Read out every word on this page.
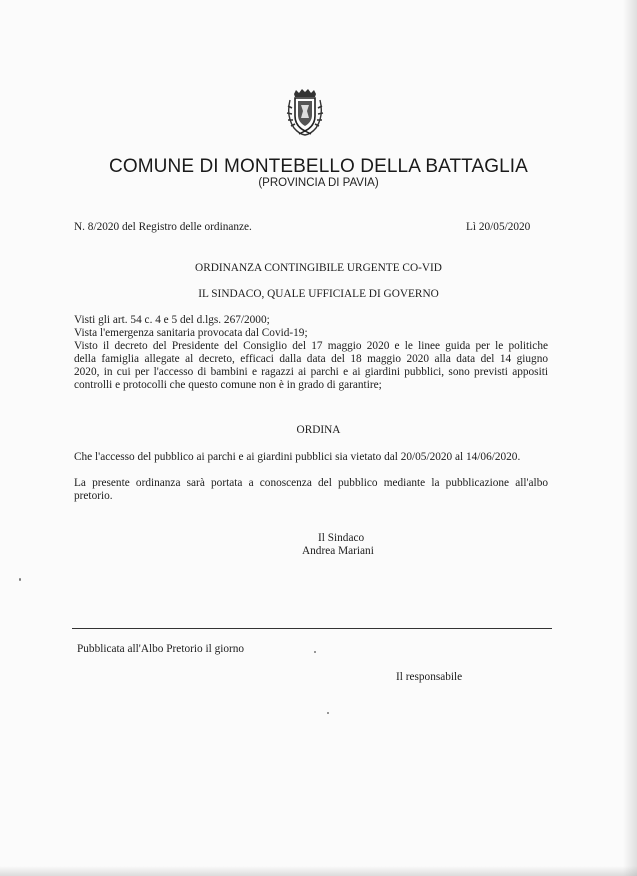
COMUNE DI MONTEBELLO DELLA BATTAGLIA
(PROVINCIA DI PAVIA)
N. 8/2020 del Registro delle ordinanze.	Lì 20/05/2020
ORDINANZA CONTINGIBILE URGENTE CO-VID
IL SINDACO, QUALE UFFICIALE DI GOVERNO
Visti gli art. 54 c. 4 e 5 del d.lgs. 267/2000;
Vista l'emergenza sanitaria provocata dal Covid-19;
Visto il decreto del Presidente del Consiglio del 17 maggio 2020 e le linee guida per le politiche
della famiglia allegate al decreto, efficaci dalla data del 18 maggio 2020 alla data del 14 giugno
2020, in cui per l'accesso di bambini e ragazzi ai parchi e ai giardini pubblici, sono previsti appositi
controlli e protocolli che questo comune non è in grado di garantire;
ORDINA
Che l'accesso del pubblico ai parchi e ai giardini pubblici sia vietato dal 20/05/2020 al 14/06/2020.
La presente ordinanza sarà portata a conoscenza del pubblico mediante la pubblicazione all'albo
pretorio.
Il Sindaco
Andrea Mariani
Pubblicata all'Albo Pretorio il giorno
Il responsabile
